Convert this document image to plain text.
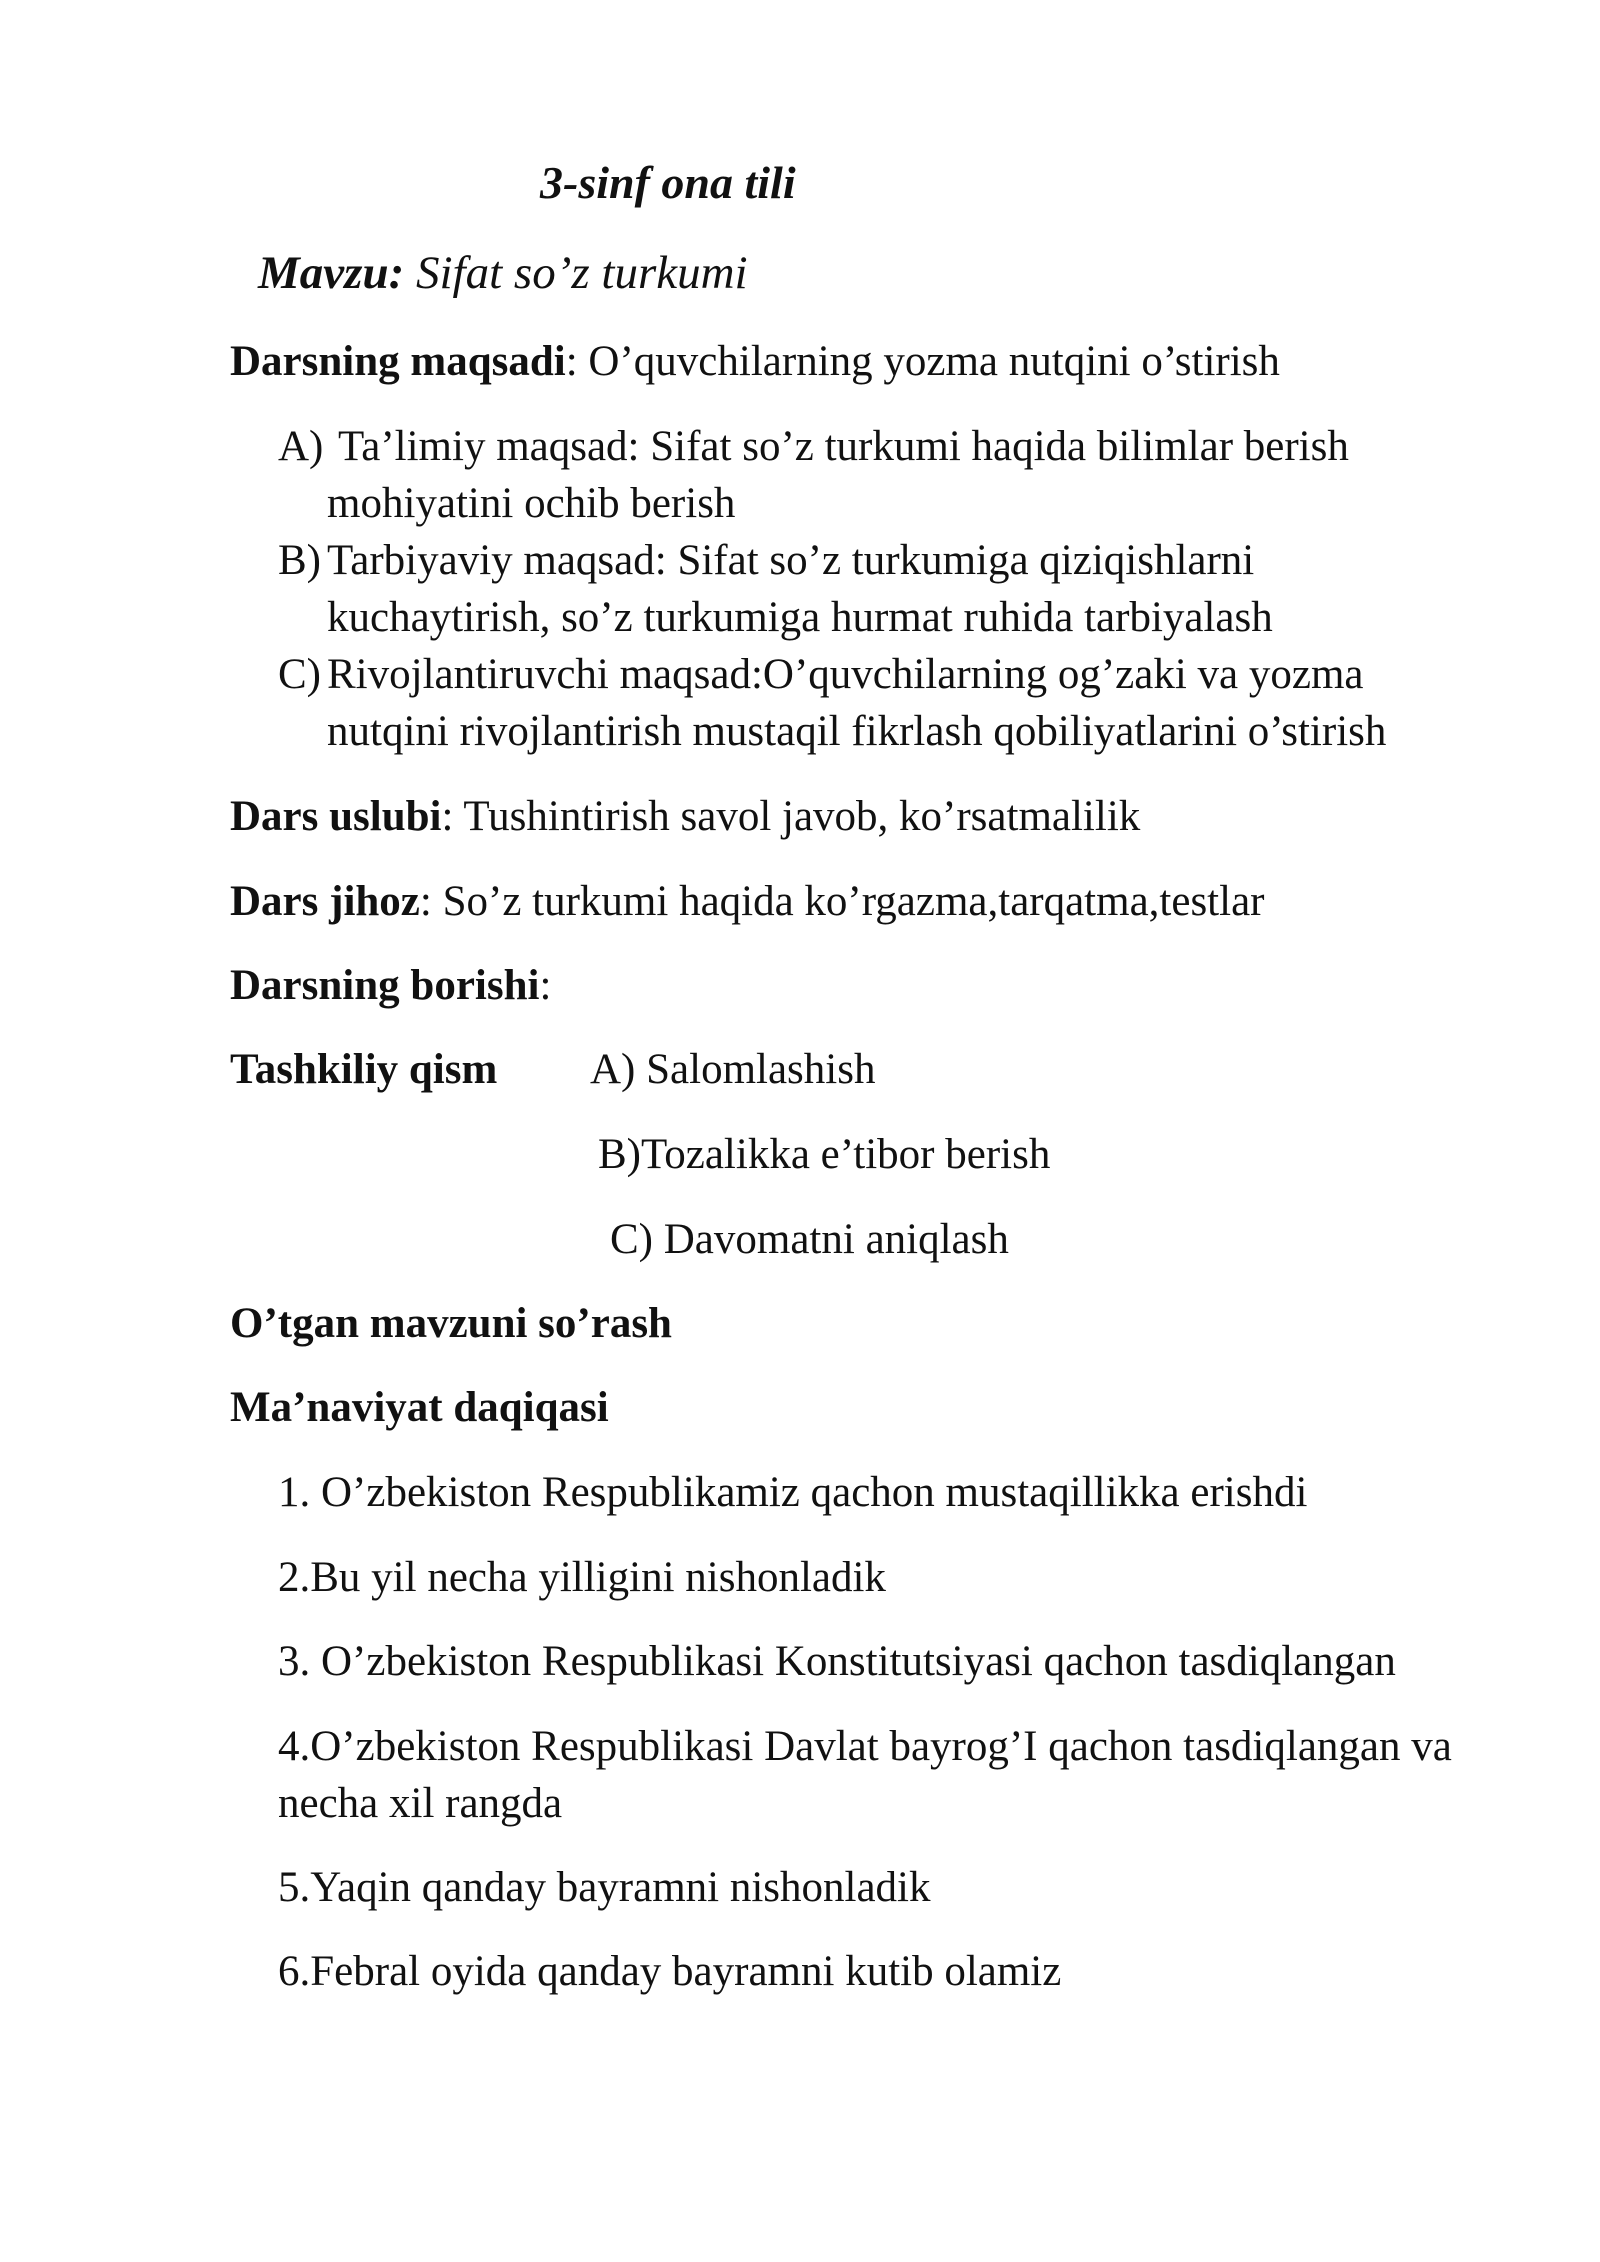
3-sinf ona tili
Mavzu: Sifat so’z turkumi
Darsning maqsadi: O’quvchilarning yozma nutqini o’stirish
A) Ta’limiy maqsad: Sifat so’z turkumi haqida bilimlar berish
mohiyatini ochib berish
B) Tarbiyaviy maqsad: Sifat so’z turkumiga qiziqishlarni
kuchaytirish, so’z turkumiga hurmat ruhida tarbiyalash
C) Rivojlantiruvchi maqsad:O’quvchilarning og’zaki va yozma
nutqini rivojlantirish mustaqil fikrlash qobiliyatlarini o’stirish
Dars uslubi: Tushintirish savol javob, ko’rsatmalilik
Dars jihoz: So’z turkumi haqida ko’rgazma,tarqatma,testlar
Darsning borishi:
Tashkiliy qism A) Salomlashish
B)Tozalikka e’tibor berish
C) Davomatni aniqlash
O’tgan mavzuni so’rash
Ma’naviyat daqiqasi
1. O’zbekiston Respublikamiz qachon mustaqillikka erishdi
2.Bu yil necha yilligini nishonladik
3. O’zbekiston Respublikasi Konstitutsiyasi qachon tasdiqlangan
4.O’zbekiston Respublikasi Davlat bayrog’I qachon tasdiqlangan va
necha xil rangda
5.Yaqin qanday bayramni nishonladik
6.Febral oyida qanday bayramni kutib olamiz
